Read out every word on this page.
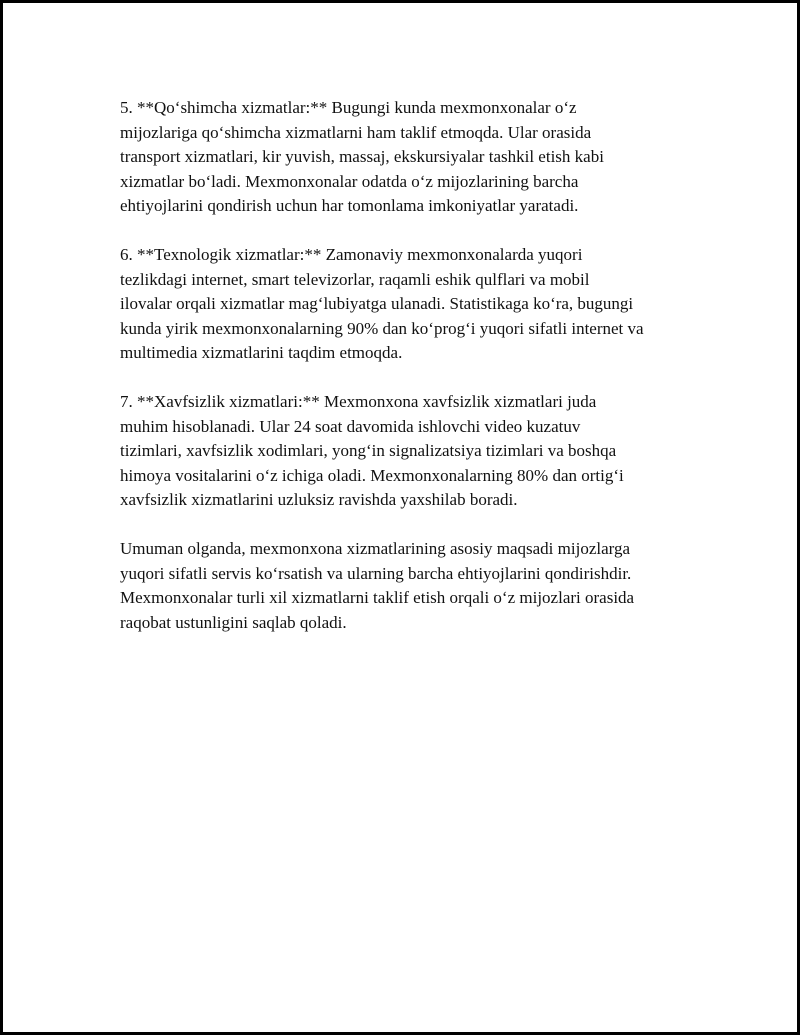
5. **Qo‘shimcha xizmatlar:** Bugungi kunda mexmonxonalar o‘z
mijozlariga qo‘shimcha xizmatlarni ham taklif etmoqda. Ular orasida
transport xizmatlari, kir yuvish, massaj, ekskursiyalar tashkil etish kabi
xizmatlar bo‘ladi. Mexmonxonalar odatda o‘z mijozlarining barcha
ehtiyojlarini qondirish uchun har tomonlama imkoniyatlar yaratadi.

6. **Texnologik xizmatlar:** Zamonaviy mexmonxonalarda yuqori
tezlikdagi internet, smart televizorlar, raqamli eshik qulflari va mobil
ilovalar orqali xizmatlar mag‘lubiyatga ulanadi. Statistikaga ko‘ra, bugungi
kunda yirik mexmonxonalarning 90% dan ko‘prog‘i yuqori sifatli internet va
multimedia xizmatlarini taqdim etmoqda.

7. **Xavfsizlik xizmatlari:** Mexmonxona xavfsizlik xizmatlari juda
muhim hisoblanadi. Ular 24 soat davomida ishlovchi video kuzatuv
tizimlari, xavfsizlik xodimlari, yong‘in signalizatsiya tizimlari va boshqa
himoya vositalarini o‘z ichiga oladi. Mexmonxonalarning 80% dan ortig‘i
xavfsizlik xizmatlarini uzluksiz ravishda yaxshilab boradi.

Umuman olganda, mexmonxona xizmatlarining asosiy maqsadi mijozlarga
yuqori sifatli servis ko‘rsatish va ularning barcha ehtiyojlarini qondirishdir.
Mexmonxonalar turli xil xizmatlarni taklif etish orqali o‘z mijozlari orasida
raqobat ustunligini saqlab qoladi.
